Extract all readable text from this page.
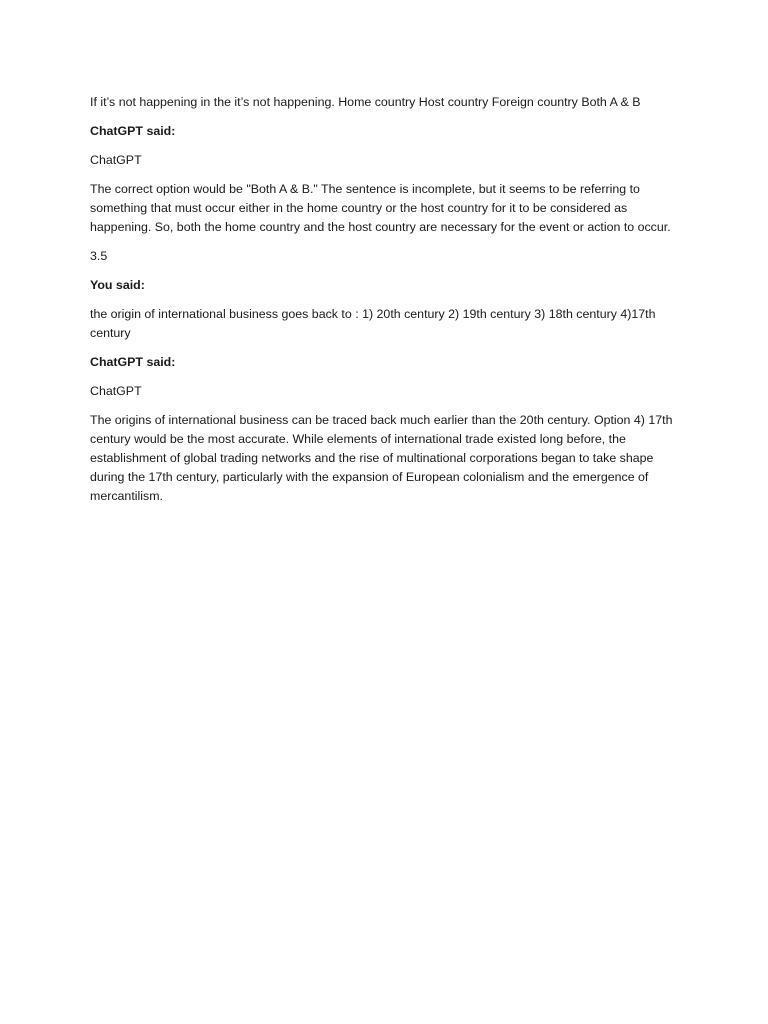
If it’s not happening in the it’s not happening. Home country Host country Foreign country Both A & B

ChatGPT said:

ChatGPT

The correct option would be "Both A & B." The sentence is incomplete, but it seems to be referring to something that must occur either in the home country or the host country for it to be considered as happening. So, both the home country and the host country are necessary for the event or action to occur.

3.5

You said:

the origin of international business goes back to : 1) 20th century 2) 19th century 3) 18th century 4)17th century

ChatGPT said:

ChatGPT

The origins of international business can be traced back much earlier than the 20th century. Option 4) 17th century would be the most accurate. While elements of international trade existed long before, the establishment of global trading networks and the rise of multinational corporations began to take shape during the 17th century, particularly with the expansion of European colonialism and the emergence of mercantilism.
